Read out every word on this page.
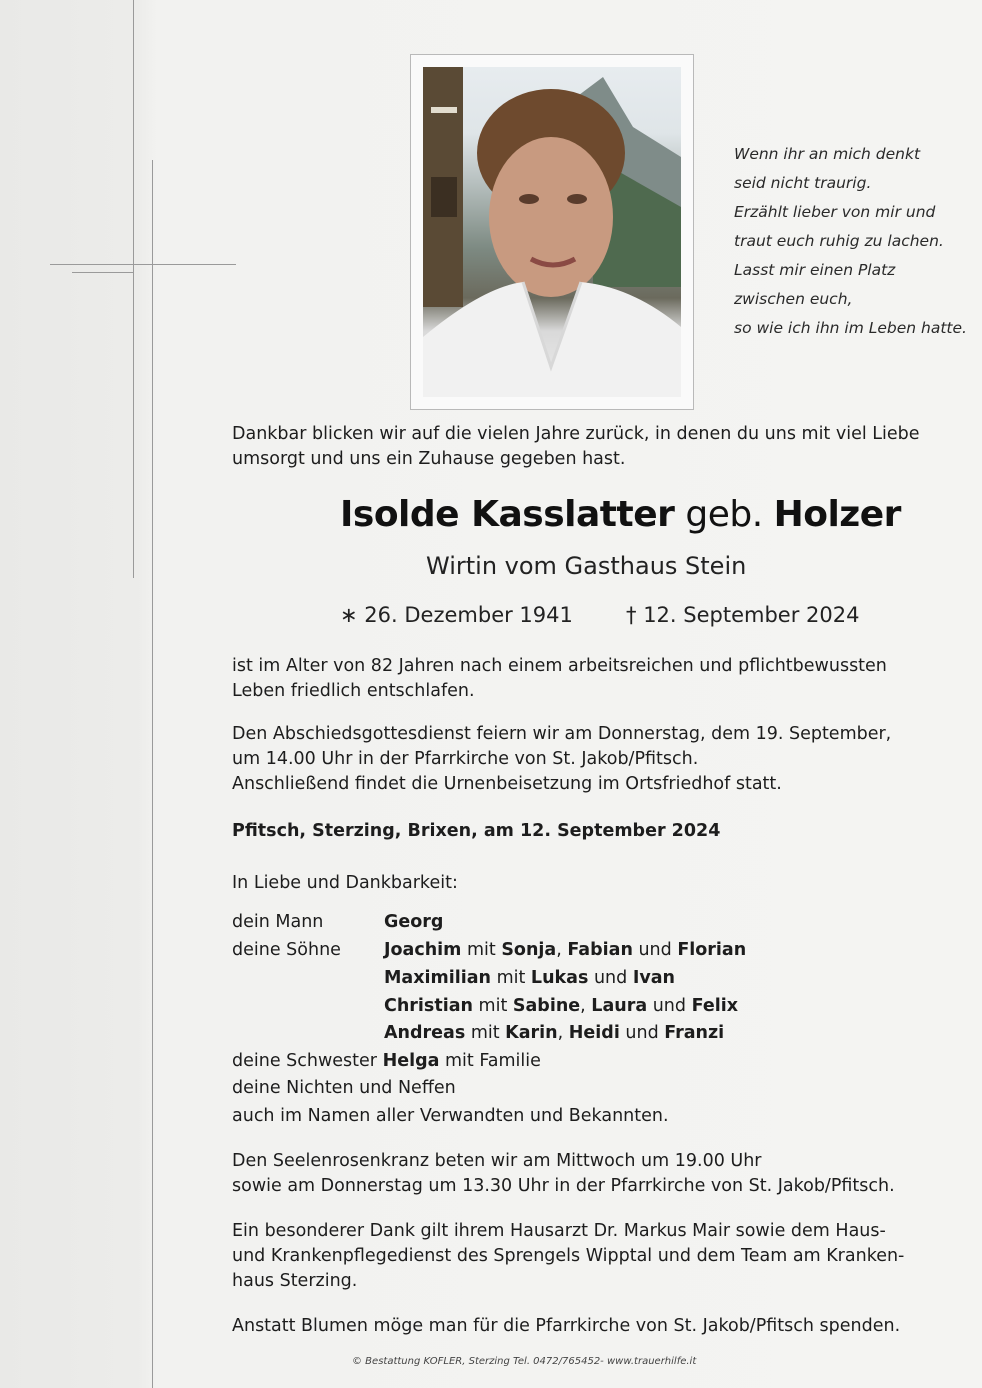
Wenn ihr an mich denkt
seid nicht traurig.
Erzählt lieber von mir und
traut euch ruhig zu lachen.
Lasst mir einen Platz
zwischen euch,
so wie ich ihn im Leben hatte.
Dankbar blicken wir auf die vielen Jahre zurück, in denen du uns mit viel Liebe
umsorgt und uns ein Zuhause gegeben hast.
Isolde Kasslatter geb. Holzer
Wirtin vom Gasthaus Stein
∗ 26. Dezember 1941	† 12. September 2024
ist im Alter von 82 Jahren nach einem arbeitsreichen und pflichtbewussten
Leben friedlich entschlafen.
Den Abschiedsgottesdienst feiern wir am Donnerstag, dem 19. September,
um 14.00 Uhr in der Pfarrkirche von St. Jakob/Pfitsch.
Anschließend findet die Urnenbeisetzung im Ortsfriedhof statt.
Pfitsch, Sterzing, Brixen, am 12. September 2024
In Liebe und Dankbarkeit:
dein Mann	Georg
deine Söhne Joachim mit Sonja, Fabian und Florian
Maximilian mit Lukas und Ivan
Christian mit Sabine, Laura und Felix
Andreas mit Karin, Heidi und Franzi
deine Schwester Helga mit Familie
deine Nichten und Neffen
auch im Namen aller Verwandten und Bekannten.
Den Seelenrosenkranz beten wir am Mittwoch um 19.00 Uhr
sowie am Donnerstag um 13.30 Uhr in der Pfarrkirche von St. Jakob/Pfitsch.
Ein besonderer Dank gilt ihrem Hausarzt Dr. Markus Mair sowie dem Haus-
und Krankenpflegedienst des Sprengels Wipptal und dem Team am Kranken-
haus Sterzing.
Anstatt Blumen möge man für die Pfarrkirche von St. Jakob/Pfitsch spenden.
© Bestattung KOFLER, Sterzing Tel. 0472/765452- www.trauerhilfe.it
